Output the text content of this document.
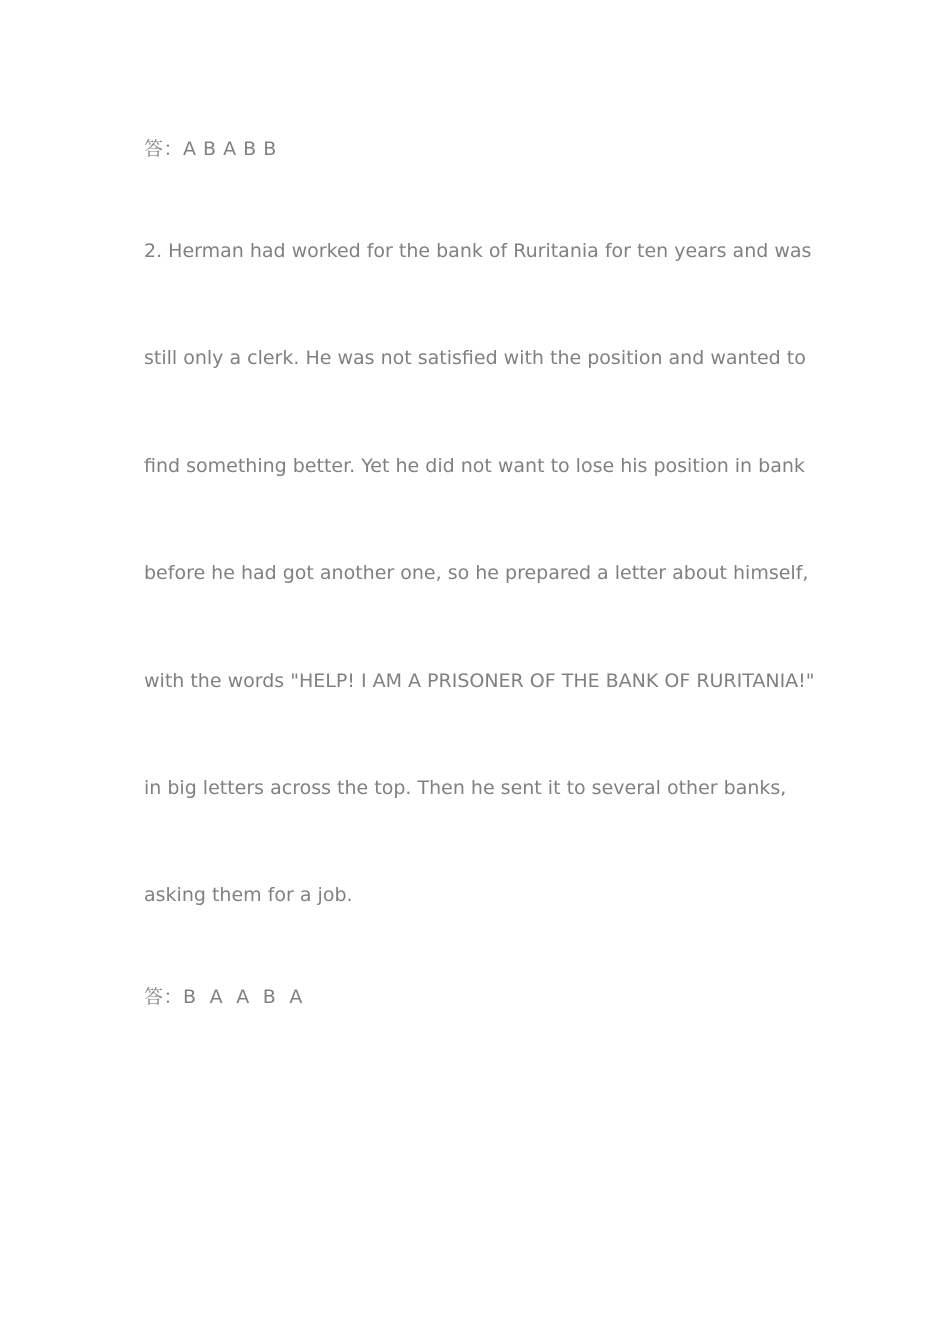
答：A B A B B
2. Herman had worked for the bank of Ruritania for ten years and was
still only a clerk. He was not satisfied with the position and wanted to
find something better. Yet he did not want to lose his position in bank
before he had got another one, so he prepared a letter about himself,
with the words "HELP! I AM A PRISONER OF THE BANK OF RURITANIA!"
in big letters across the top. Then he sent it to several other banks,
asking them for a job.
答：B  A  A  B  A
